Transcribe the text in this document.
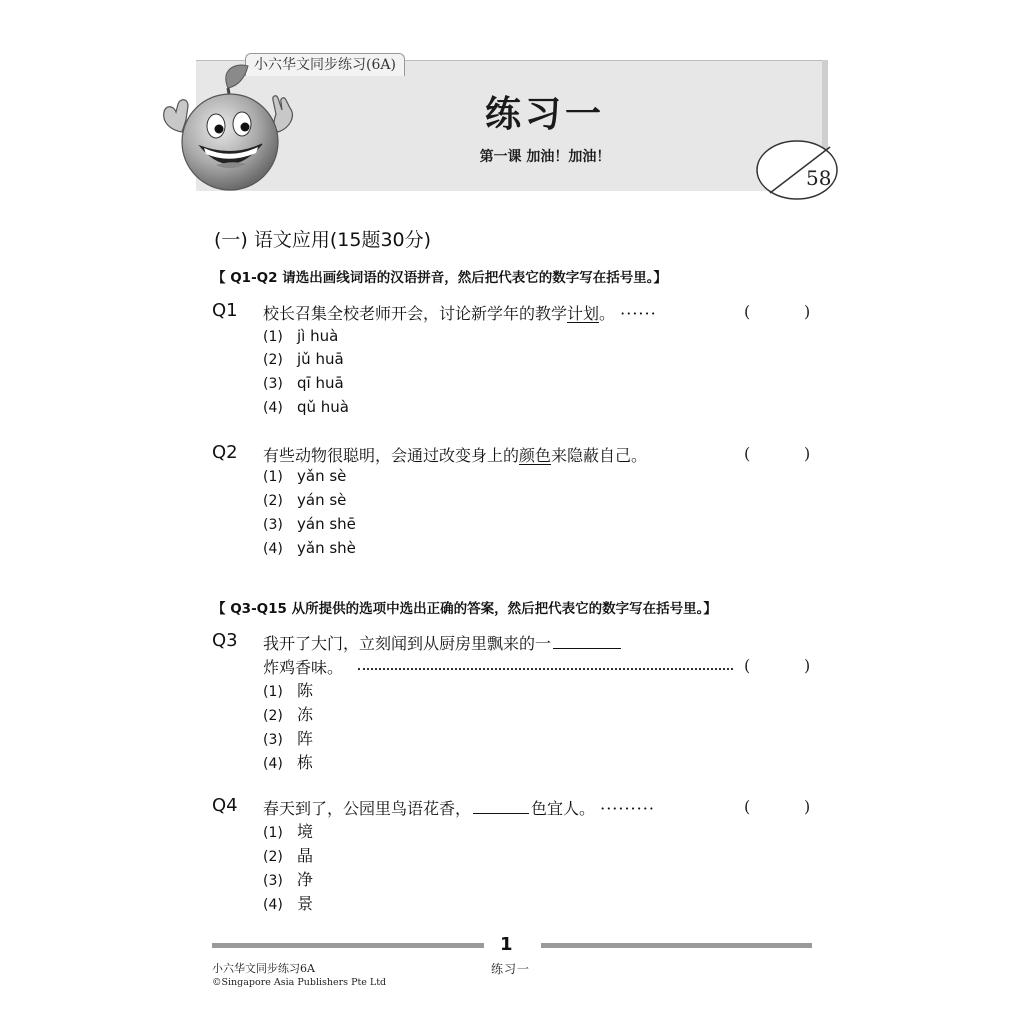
小六华文同步练习(6A)
练习一
第一课 加油！加油！
58
(一) 语文应用(15题30分)
【 Q1-Q2 请选出画线词语的汉语拼音，然后把代表它的数字写在括号里。】
Q1 校长召集全校老师开会，讨论新学年的教学计划。 ······	(	)
(1) jì huà
(2) jǔ huā
(3) qī huā
(4) qǔ huà
Q2 有些动物很聪明，会通过改变身上的颜色来隐蔽自己。	(	)
(1) yǎn sè
(2) yán sè
(3) yán shē
(4) yǎn shè
【 Q3-Q15 从所提供的选项中选出正确的答案，然后把代表它的数字写在括号里。】
Q3 我开了大门，立刻闻到从厨房里飘来的一
炸鸡香味。	(	)
(1) 陈
(2) 冻
(3) 阵
(4) 栋
Q4 春天到了，公园里鸟语花香，	色宜人。 ·········	(	)
(1) 境
(2) 晶
(3) 净
(4) 景
1
小六华文同步练习6A
©Singapore Asia Publishers Pte Ltd
练习一
